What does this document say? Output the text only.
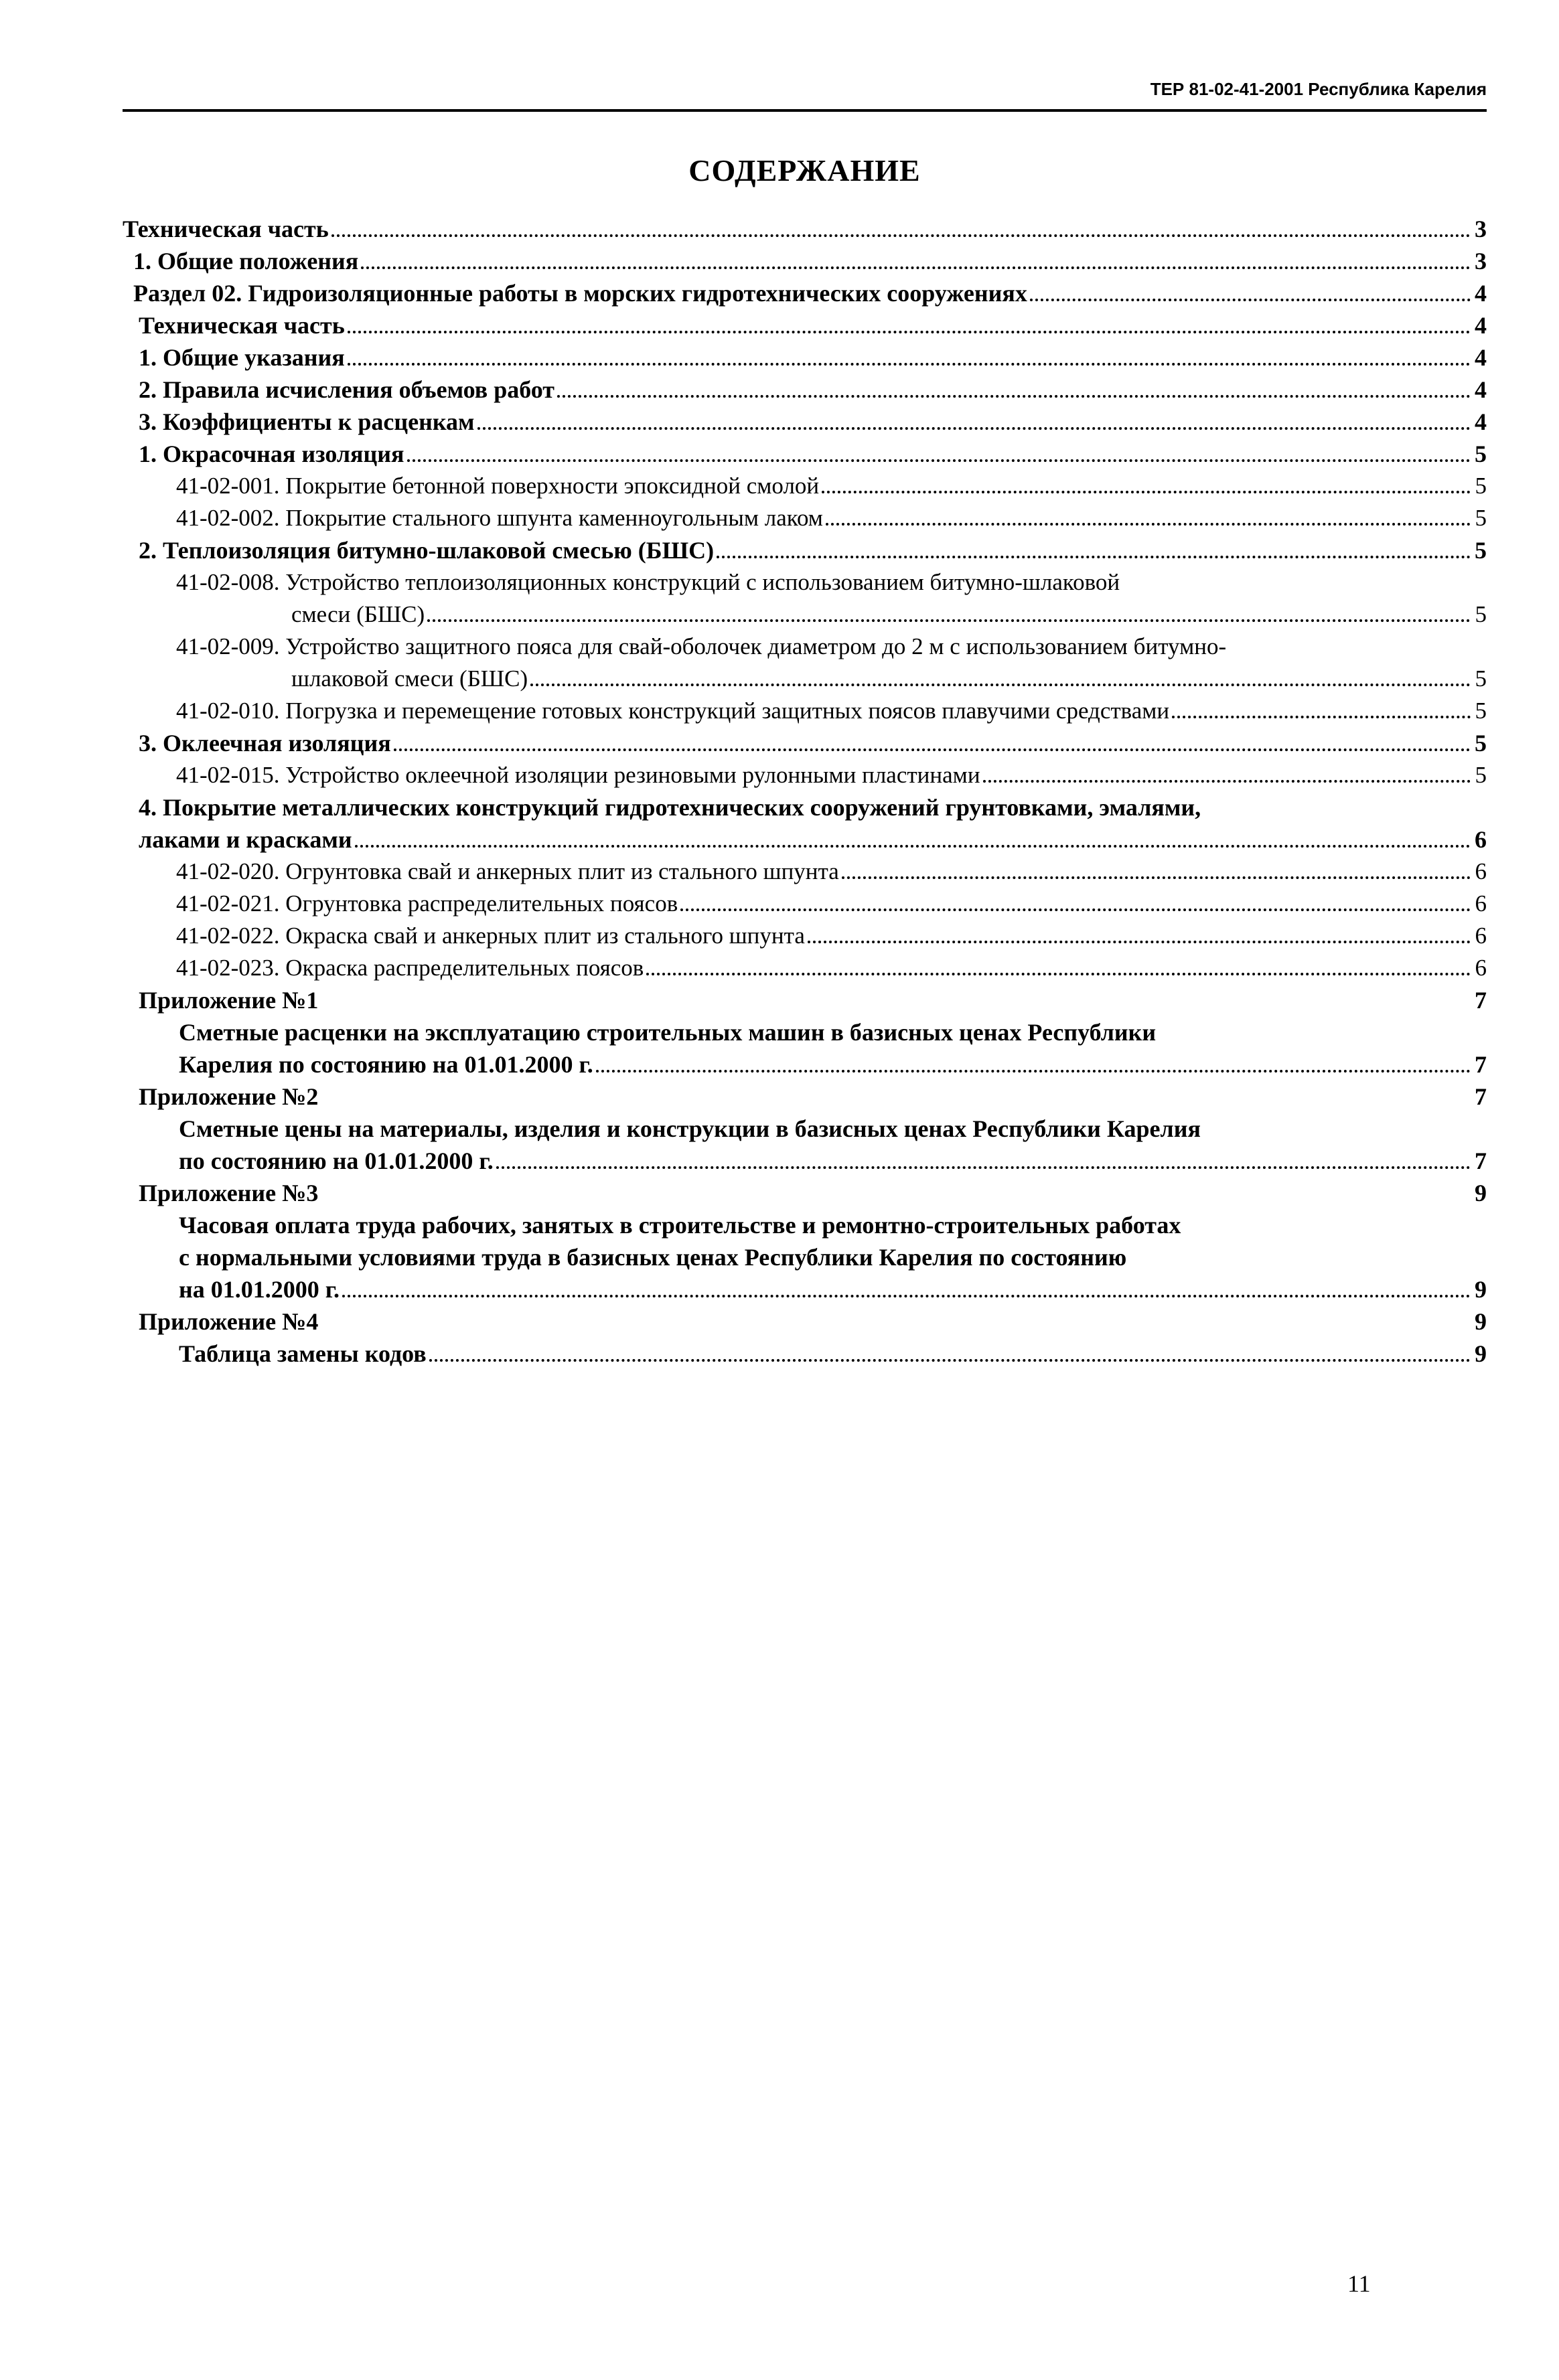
ТЕР 81-02-41-2001 Республика Карелия
СОДЕРЖАНИЕ
Техническая часть	3
1. Общие положения	3
Раздел 02. Гидроизоляционные работы в морских гидротехнических сооружениях	4
Техническая часть	4
1. Общие указания	4
2. Правила исчисления объемов работ	4
3. Коэффициенты к расценкам	4
1. Окрасочная изоляция	5
41-02-001. Покрытие бетонной поверхности эпоксидной смолой	5
41-02-002. Покрытие стального шпунта каменноугольным лаком	5
2. Теплоизоляция битумно-шлаковой смесью (БШС)	5
41-02-008. Устройство теплоизоляционных конструкций с использованием битумно-шлаковой
смеси (БШС)	5
41-02-009. Устройство защитного пояса для свай-оболочек диаметром до 2 м с использованием битумно-
шлаковой смеси (БШС)	5
41-02-010. Погрузка и перемещение готовых конструкций защитных поясов плавучими средствами	5
3. Оклеечная изоляция	5
41-02-015. Устройство оклеечной изоляции резиновыми рулонными пластинами	5
4. Покрытие металлических конструкций гидротехнических сооружений грунтовками, эмалями,
лаками и красками	6
41-02-020. Огрунтовка свай и анкерных плит из стального шпунта	6
41-02-021. Огрунтовка распределительных поясов	6
41-02-022. Окраска свай и анкерных плит из стального шпунта	6
41-02-023. Окраска распределительных поясов	6
Приложение №1	7
Сметные расценки на эксплуатацию строительных машин в базисных ценах Республики
Карелия по состоянию на 01.01.2000 г.	7
Приложение №2	7
Сметные цены на материалы, изделия и конструкции в базисных ценах Республики Карелия
по состоянию на 01.01.2000 г.	7
Приложение №3	9
Часовая оплата труда рабочих, занятых в строительстве и ремонтно-строительных работах
с нормальными условиями труда в базисных ценах Республики Карелия по состоянию
на 01.01.2000 г.	9
Приложение №4	9
Таблица замены кодов	9
11
